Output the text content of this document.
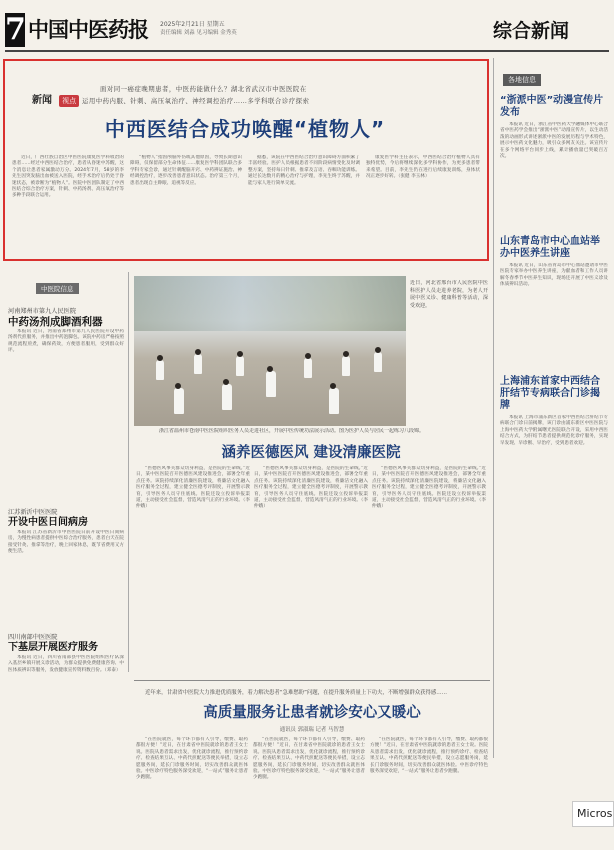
7 中国中医药报 2025年2月21日 星期五
责任编辑 刘淼 见习编辑 金秀英	综合新闻
新闻 视点
面对同一癌症晚期患者，中医药能做什么？湖北省武汉市中医医院在
运用中药内服、针刺、高压氧治疗、神经调控治疗……多学科联合诊疗探索
中西医结合成功唤醒“植物人”

近日，广西壮族自治区中医医院康复医学科收治的患者……经过中西医结合治疗，患者从昏迷中苏醒，这个消息让患者家属激动万分。2024年7月，58岁的李先生因突发脑出血被送入医院，经手术治疗后仍处于昏迷状态，被诊断为“植物人”。医院中医团队制定了中西医结合综合治疗方案，针刺、中药汤剂、高压氧治疗等多种手段联合运用。

“植物人”指因颅脑外伤或其他原因，导致长期意识障碍，仅保留部分生命体征……康复医学科团队联合多学科专家会诊，通过针刺醒脑开窍、中药辨证施治、神经调控治疗，逐步改善患者意识状态。治疗第三个月，患者出现自主睁眼、追视等反应。

据悉，该院在中西医结合治疗意识障碍方面积累了丰富经验。医护人员根据患者不同阶段病情变化及时调整方案，坚持每日针刺、推拿及言语、吞咽功能训练。通过长达数月的精心治疗与护理，李先生终于苏醒，并能与家人进行简单交流。

康复医学科主任表示，中西医结合治疗植物人具有独特优势，今后将继续深化多学科协作，为更多患者带来希望。目前，李先生仍在进行后续康复训练，身体状况正逐步好转。（张健 李玉林）

各地信息
“浙派中医”动漫宣传片发布

本报讯 近日，浙江省中医药大学融媒体中心联合省中医药学会推出“浙派中医”动漫宣传片，以生动活泼的动画形式讲述浙派中医的发展历程与学术特色，展示中医药文化魅力，吸引众多网友关注。该宣传片在多个网络平台同步上线，累计播放量已突破百万次。

山东青岛市中心血站举办中医养生讲座

本报讯 近日，山东省青岛市中心血站邀请市中医医院专家举办中医养生讲座，为献血者和工作人员讲解冬春季节中医养生知识，现场还开展了中医义诊及体质辨识活动。

上海浦东首家中西结合肝结节专病联合门诊揭牌

本报讯 上海市浦东新区首家中西医结合肝结节专病联合门诊日前揭牌，该门诊由浦东新区中医医院与上海中医药大学附属曙光医院联合开设，采用中西医结合方式，为肝结节患者提供规范化诊疗服务，实现早发现、早诊断、早治疗，受到患者欢迎。

中医院信息
河南郑州市第九人民医院
中药汤剂成脚酒利器

本报讯 近日，河南省郑州市第九人民医院开设中药汤剂代煎服务，并推出中药泡脚包。该院中药房严格按照规范流程煎煮，确保药效，方便患者服用，受到群众好评。

江苏新沂中医医院
开设中医日间病房

本报讯 江苏省新沂市中医医院日前开设中医日间病房，为慢性病患者提供中医综合治疗服务，患者白天在院接受针灸、推拿等治疗，晚上回家休息，既节省费用又方便生活。

四川南部中医医院
下基层开展医疗服务

本报讯 近日，四川省南部县中医医院组织医疗队深入基层乡镇开展义诊活动，为群众提供免费健康咨询、中医体质辨识等服务，发放健康宣传资料数百份。（邓泰）

近日，河北省邢台市人民医院中医科医护人员走进养老院，为老人开展中医义诊、健康科普等活动，深受欢迎。

浙江省温州市苍南中医医院组织医务人员走进社区，开展中医传统功法展示活动。图为医护人员与居民一起练习八段锦。

涵养医德医风 建设清廉医院

“医德医风事关群众切身利益，是医院的生命线。”近日，某中医医院召开医德医风建设推进会，部署全年重点任务。该院持续深化清廉医院建设，将廉洁文化融入医疗服务全过程，建立健全医德考评制度，开展警示教育，引导医务人员守住底线。医院还设立投诉举报渠道，主动接受社会监督，营造风清气正的行业环境。（李仲娥）

“医德医风事关群众切身利益，是医院的生命线。”近日，某中医医院召开医德医风建设推进会，部署全年重点任务。该院持续深化清廉医院建设，将廉洁文化融入医疗服务全过程，建立健全医德考评制度，开展警示教育，引导医务人员守住底线。医院还设立投诉举报渠道，主动接受社会监督，营造风清气正的行业环境。（李仲娥）

“医德医风事关群众切身利益，是医院的生命线。”近日，某中医医院召开医德医风建设推进会，部署全年重点任务。该院持续深化清廉医院建设，将廉洁文化融入医疗服务全过程，建立健全医德考评制度，开展警示教育，引导医务人员守住底线。医院还设立投诉举报渠道，主动接受社会监督，营造风清气正的行业环境。（李仲娥）

近年来，甘肃省中医院大力推进优质服务，着力解决患者“急难愁盼”问题，在提升服务质量上下功夫，不断增强群众获得感……
高质量服务让患者就诊安心又暖心
通讯员 郭淑瑞 记者 马智慧

“在医院就医，每个环节都有人引导，缴费、取药都很方便！”近日，在甘肃省中医院就诊的患者王女士说。医院从患者需求出发，优化就诊流程，推行预约诊疗、检查结果互认、中药代煎配送等便民举措，设立志愿服务岗，延长门诊服务时间，切实改善群众就医体验。中医诊疗特色服务深受欢迎，“一站式”服务让患者少跑腿。

“在医院就医，每个环节都有人引导，缴费、取药都很方便！”近日，在甘肃省中医院就诊的患者王女士说。医院从患者需求出发，优化就诊流程，推行预约诊疗、检查结果互认、中药代煎配送等便民举措，设立志愿服务岗，延长门诊服务时间，切实改善群众就医体验。中医诊疗特色服务深受欢迎，“一站式”服务让患者少跑腿。

“在医院就医，每个环节都有人引导，缴费、取药都很方便！”近日，在甘肃省中医院就诊的患者王女士说。医院从患者需求出发，优化就诊流程，推行预约诊疗、检查结果互认、中药代煎配送等便民举措，设立志愿服务岗，延长门诊服务时间，切实改善群众就医体验。中医诊疗特色服务深受欢迎，“一站式”服务让患者少跑腿。

Micros
